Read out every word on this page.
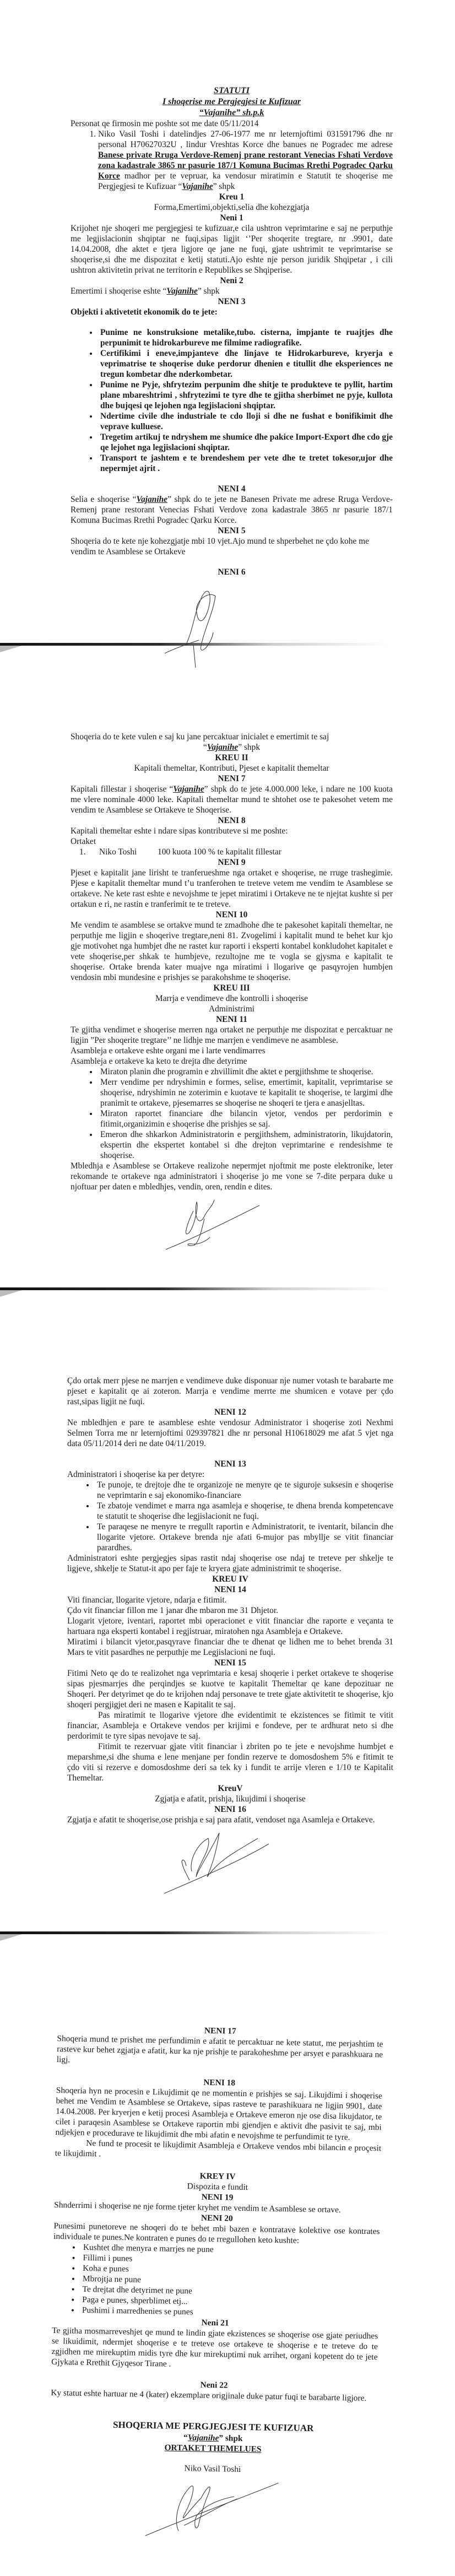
STATUTI
I shoqerise me Pergjegjesi te Kufizuar
“Vajanihe” sh.p.k
Personat qe firmosin me poshte sot me date 05/11/2014
1. Niko Vasil Toshi i datelindjes 27-06-1977 me nr leternjoftimi 031591796 dhe nr personal H70627032U , lindur Vreshtas Korce dhe banues ne Pogradec me adrese Banese private Rruga Verdove-Remenj prane restorant Venecias Fshati Verdove zona kadastrale 3865 nr pasurie 187/1 Komuna Bucimas Rrethi Pogradec Qarku Korce madhor per te vepruar, ka vendosur miratimin e Statutit te shoqerise me Pergjegjesi te Kufizuar “Vajanihe” shpk
Kreu 1
Forma,Emertimi,objekti,selia dhe kohezgjatja
Neni 1
Krijohet nje shoqeri me pergjegjesi te kufizuar,e cila ushtron veprimtarine e saj ne perputhje me legjislacionin shqiptar ne fuqi,sipas ligjit ‘’Per shoqerite tregtare, nr .9901, date 14.04.2008, dhe aktet e tjera ligjore qe jane ne fuqi, gjate ushtrimit te veprimtarise se shoqerise,si dhe me dispozitat e ketij statuti.Ajo eshte nje person juridik Shqipetar , i cili ushtron aktivitetin privat ne territorin e Republikes se Shqiperise.
Neni 2
Emertimi i shoqerise eshte “Vajanihe” shpk
NENI 3
Objekti i aktivetetit ekonomik do te jete:
• Punime ne konstruksione metalike,tubo. cisterna, impjante te ruajtjes dhe perpunimit te hidrokarbureve me filmime radiografike.
• Certifikimi i eneve,impjanteve dhe linjave te Hidrokarbureve, kryerja e veprimatrise te shoqerise duke perdorur dhenien e titullit dhe eksperiences ne tregun kombetar dhe nderkombetar.
• Punime ne Pyje, shfrytezim perpunim dhe shitje te produkteve te pyllit, hartim plane mbareshtrimi , shfrytezimi te tyre dhe te gjitha sherbimet ne pyje, kullota dhe bujqesi qe lejohen nga legjislacioni shqiptar.
• Ndertime civile dhe industriale te cdo lloji si dhe ne fushat e bonifikimit dhe veprave kulluese.
• Tregetim artikuj te ndryshem me shumice dhe pakice Import-Export dhe cdo gje qe lejohet nga legjislacioni shqiptar.
• Transport te jashtem e te brendeshem per vete dhe te tretet tokesor,ujor dhe nepermjet ajrit .
NENI 4
Selia e shoqerise “Vajanihe” shpk do te jete ne Banesen Private me adrese Rruga Verdove- Remenj prane restorant Venecias Fshati Verdove zona kadastrale 3865 nr pasurie 187/1 Komuna Bucimas Rrethi Pogradec Qarku Korce.
NENI 5
Shoqeria do te kete nje kohezgjatje mbi 10 vjet.Ajo mund te shperbehet ne çdo kohe me vendim te Asamblese se Ortakeve
NENI 6
Shoqeria do te kete vulen e saj ku jane percaktuar inicialet e emertimit te saj
“Vajanihe” shpk
KREU II
Kapitali themeltar, Kontributi, Pjeset e kapitalit themeltar
NENI 7
Kapitali fillestar i shoqerise “Vajanihe” shpk do te jete 4.000.000 leke, i ndare ne 100 kuota me vlere nominale 4000 leke. Kapitali themeltar mund te shtohet ose te pakesohet vetem me vendim te Asamblese se Ortakeve te Shoqerise.
NENI 8
Kapitali themeltar eshte i ndare sipas kontributeve si me poshte:
Ortaket
1.	Niko Toshi	100 kuota 100 % te kapitalit fillestar
NENI 9
Pjeset e kapitalit jane lirisht te tranferueshme nga ortaket e shoqerise, ne rruge trashegimie. Pjese e kapitalit themeltar mund t’u tranferohen te treteve vetem me vendim te Asamblese se ortakeve. Ne kete rast eshte e nevojshme te jepet miratimi i Ortakeve ne te njejtat kushte si per ortakun e ri, ne rastin e tranferimit te te treteve.
NENI 10
Me vendim te asamblese se ortakve mund te zmadhohe dhe te pakesohet kapitali themeltar, ne perputhje me ligjin e shoqerive tregtare,neni 81. Zvogelimi i kapitalit mund te behet kur kjo gje motivohet nga humbjet dhe ne rastet kur raporti i eksperti kontabel konkludohet kapitalet e vete shoqerise,per shkak te humbjeve, rezultojne me te vogla se gjysma e kapitalit te shoqerise. Ortake brenda kater muajve nga miratimi i llogarive qe pasqyrojen humbjen vendosin mbi mundesine e prishjes se parakohshme te shoqerise.
KREU III
Marrja e vendimeve dhe kontrolli i shoqerise
Administrimi
NENI 11
Te gjitha vendimet e shoqerise merren nga ortaket ne perputhje me dispozitat e percaktuar ne ligjin ”Per shoqerite tregtare’’ ne lidhje me marrjen e vendimeve ne asamblese.
Asambleja e ortakeve eshte organi me i larte vendimarres
Asambleja e ortakeve ka keto te drejta dhe detyrime
• Miraton planin dhe programin e zhvillimit dhe aktet e pergjithshme te shoqerise.
• Merr vendime per ndryshimin e formes, selise, emertimit, kapitalit, veprimtarise se shoqerise, ndryshimin ne zoterimin e kuotave te kapitalit te shoqerise, te largimi dhe pranimit te ortakeve, pjesemarres se shoqerise ne shoqeri te tjera e anasjelltas.
• Miraton raportet financiare dhe bilancin vjetor, vendos per perdorimin e fitimit,organizimin e shoqerise dhe prishjes se saj.
• Emeron dhe shkarkon Administratorin e pergjithshem, administratorin, likujdatorin, ekspertin dhe ekspertet kontabel si dhe drejton veprimtarine e rendesishme te shoqerise.
Mbledhja e Asamblese se Ortakeve realizohe nepermjet njoftmit me poste elektronike, leter rekomande te ortakeve nga administratori i shoqerise jo me vone se 7-dite perpara duke u njoftuar per daten e mbledhjes, vendin, oren, rendin e dites.
Çdo ortak merr pjese ne marrjen e vendimeve duke disponuar nje numer votash te barabarte me pjeset e kapitalit qe ai zoteron. Marrja e vendime merrte me shumicen e votave per çdo rast,sipas ligjit ne fuqi.
NENI 12
Ne mbledhjen e pare te asamblese eshte vendosur Administrator i shoqerise zoti Nexhmi Selmen Torra me nr leternjoftimi 029397821 dhe nr personal H10618029 me afat 5 vjet nga data 05/11/2014 deri ne date 04/11/2019.
NENI 13
Administratori i shoqerise ka per detyre:
• Te punoje, te drejtoje dhe te organizoje ne menyre qe te siguroje suksesin e shoqerise ne veprimtarin e saj ekonomiko-financiare
• Te zbatoje vendimet e marra nga asamleja e shoqerise, te dhena brenda kompetencave te statutit te shoqerise dhe legjislacionit ne fuqi.
• Te paraqese ne menyre te rregullt raportin e Administratorit, te iventarit, bilancin dhe llogarite vjetore. Ortakeve brenda nje afati 6-mujor pas mbyllje se vitit financiar parardhes.
Administratori eshte pergjegjes sipas rastit ndaj shoqerise ose ndaj te treteve per shkelje te ligjeve, shkelje te Statut-it apo per faje te kryera gjate administrimit te shoqerise.
KREU IV
NENI 14
Viti financiar, llogarite vjetore, ndarja e fitimit.
Çdo vit financiar fillon me 1 janar dhe mbaron me 31 Dhjetor.
Llogarit vjetore, iventari, raportet mbi operacionet e vitit financiar dhe raporte e veçanta te hartuara nga eksperti kontabel i regjistruar, miratohen nga Asambleja e Ortakeve.
Miratimi i bilancit vjetor,pasqyrave financiar dhe te dhenat qe lidhen me to behet brenda 31 Mars te vitit pasardhes ne perputhje me Legjislacioni ne fuqi.
NENI 15
Fitimi Neto qe do te realizohet nga veprimtaria e kesaj shoqerie i perket ortakeve te shoqerise sipas pjesmarrjes dhe perqindjes se kuotve te kapitalit Themeltar qe kane depozituar ne Shoqeri. Per detyrimet qe do te krijohen ndaj personave te trete gjate aktivitetit te shoqerise, kjo shoqeri pergjigjet deri ne masen e Kapitalit te saj.
Pas miratimit te llogarive vjetore dhe evidentimit te ekzistences se fitimit te vitit financiar, Asambleja e Ortakeve vendos per krijimi e fondeve, per te ardhurat neto si dhe perdorimit te tyre sipas nevojave te saj.
Fitimit te rezervuar gjate vitit financiar i zbriten po te jete e nevojshme humbjet e meparshme,si dhe shuma e lene menjane per fondin rezerve te domosdoshem 5% e fitimit te çdo viti si rezerve e domosdoshme deri sa tek ky i fundit te arrije vleren e 1/10 te Kapitalit Themeltar.
KreuV
Zgjatja e afatit, prishja, likujdimi i shoqerise
NENI 16
Zgjatja e afatit te shoqerise,ose prishja e saj para afatit, vendoset nga Asamleja e Ortakeve.
NENI 17
Shoqeria mund te prishet me perfundimin e afatit te percaktuar ne kete statut, me perjashtim te rasteve kur behet zgjatja e afatit, kur ka nje prishje te parakoheshme per arsyet e parashkuara ne ligj.
NENI 18
Shoqeria hyn ne procesin e Likujdimit qe ne momentin e prishjes se saj. Likujdimi i shoqerise behet me Vendim te Asamblese se Ortakeve, sipas rasteve te parashikuara ne ligjin 9901, date 14.04.2008. Per kryerjen e ketij procesi Asambleja e Ortakeve emeron nje ose disa likujdator, te cilet i paraqesin Asamblese se Ortakeve raportin mbi gjendjen e aktivit dhe pasivit te saj, mbi ndjekjen e procedurave te likujdimit dhe mbi afatin e nevojshme te perfundimit te tyre.
Ne fund te procesit te likujdimit Asambleja e Ortakeve vendos mbi bilancin e proçesit te likujdimit .
KREY IV
Dispozita e fundit
NENI 19
Shnderrimi i shoqerise ne nje forme tjeter kryhet me vendim te Asamblese se ortave.
NENI 20
Punesimi punetoreve ne shoqeri do te behet mbi bazen e kontratave kolektive ose kontrates individuale te punes.Ne kontraten e punes do te rregullohen keto kushte:
• Kushtet dhe menyra e marrjes ne pune
• Fillimi i punes
• Koha e punes
• Mbrojtja ne pune
• Te drejtat dhe detyrimet ne pune
• Paga e punes, shperblimet etj...
• Pushimi i marredhenies se punes
Neni 21
Te gjitha mosmarreveshjet qe mund te lindin gjate ekzistences se shoqerise ose gjate periudhes se likuidimit, ndermjet shoqerise e te treteve ose ortakeve te shoqerise e te treteve do te zgjidhen me mirekuptim midis tyre dhe kur mirekuptimi nuk arrihet, organi kopetent do te jete Gjykata e Rrethit Gjyqesor Tirane .
Neni 22
Ky statut eshte hartuar ne 4 (kater) ekzemplare origjinale duke patur fuqi te barabarte ligjore.
SHOQERIA ME PERGJEGJESI TE KUFIZUAR
“Vajanihe” shpk
ORTAKET THEMELUES
Niko Vasil Toshi
